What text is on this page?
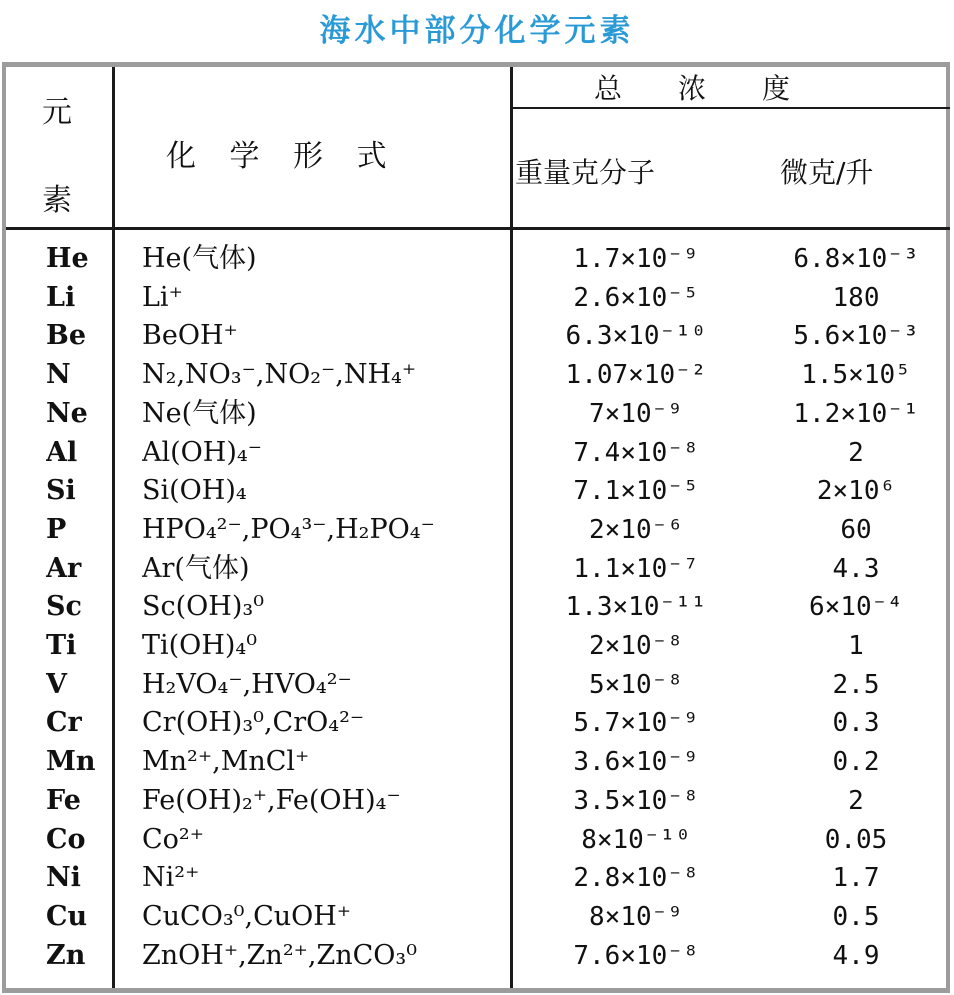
海水中部分化学元素
元
素
化 学 形 式
总　　浓　　度
重量克分子	微克/升
He	He(气体)	1.7×10⁻⁹	6.8×10⁻³
Li	Li⁺	2.6×10⁻⁵	180
Be	BeOH⁺	6.3×10⁻¹⁰	5.6×10⁻³
N	N₂,NO₃⁻,NO₂⁻,NH₄⁺	1.07×10⁻²	1.5×10⁵
Ne	Ne(气体)	7×10⁻⁹	1.2×10⁻¹
Al	Al(OH)₄⁻	7.4×10⁻⁸	2
Si	Si(OH)₄	7.1×10⁻⁵	2×10⁶
P	HPO₄²⁻,PO₄³⁻,H₂PO₄⁻	2×10⁻⁶	60
Ar	Ar(气体)	1.1×10⁻⁷	4.3
Sc	Sc(OH)₃⁰	1.3×10⁻¹¹	6×10⁻⁴
Ti	Ti(OH)₄⁰	2×10⁻⁸	1
V	H₂VO₄⁻,HVO₄²⁻	5×10⁻⁸	2.5
Cr	Cr(OH)₃⁰,CrO₄²⁻	5.7×10⁻⁹	0.3
Mn	Mn²⁺,MnCl⁺	3.6×10⁻⁹	0.2
Fe	Fe(OH)₂⁺,Fe(OH)₄⁻	3.5×10⁻⁸	2
Co	Co²⁺	8×10⁻¹⁰	0.05
Ni	Ni²⁺	2.8×10⁻⁸	1.7
Cu	CuCO₃⁰,CuOH⁺	8×10⁻⁹	0.5
Zn	ZnOH⁺,Zn²⁺,ZnCO₃⁰	7.6×10⁻⁸	4.9
